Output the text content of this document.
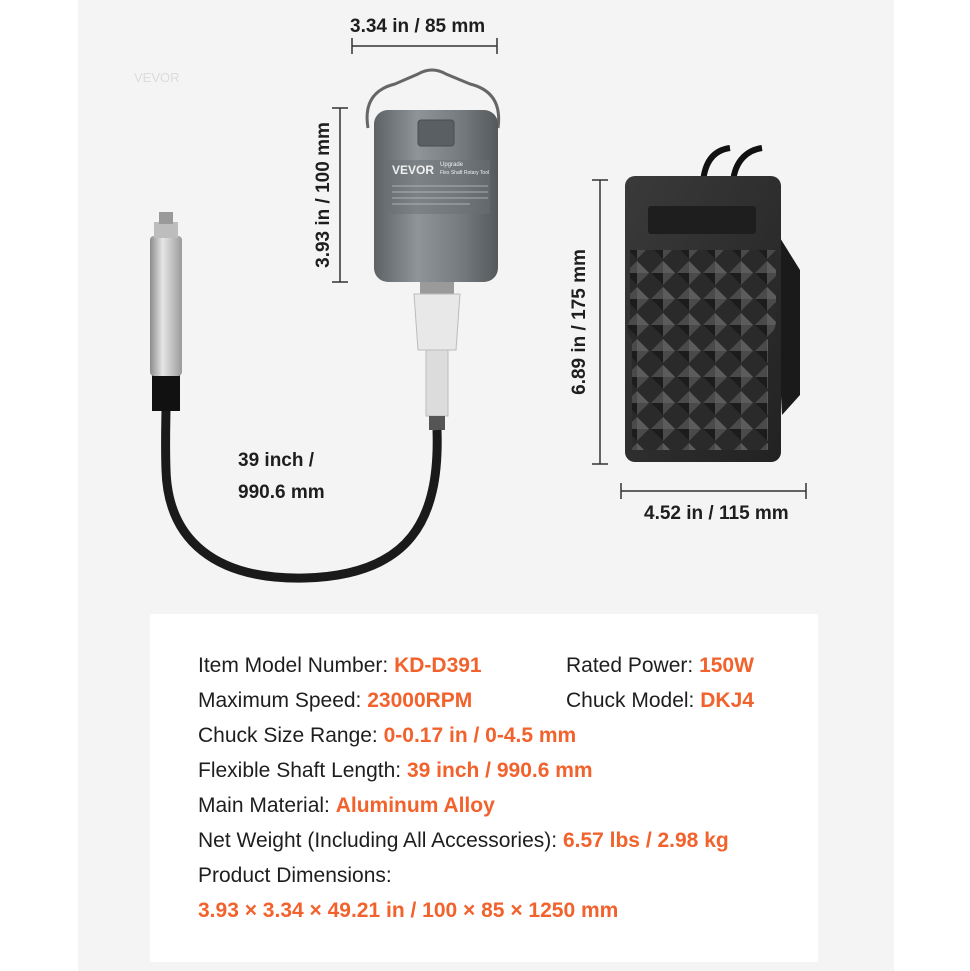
VEVOR
VEVOR Upgrade
Flex Shaft Rotary Tool
3.34 in / 85 mm
3.93 in / 100 mm
39 inch /
990.6 mm
6.89 in / 175 mm
4.52 in / 115 mm
Item Model Number: KD-D391	Rated Power: 150W
Maximum Speed: 23000RPM	Chuck Model: DKJ4
Chuck Size Range: 0-0.17 in / 0-4.5 mm
Flexible Shaft Length: 39 inch / 990.6 mm
Main Material: Aluminum Alloy
Net Weight (Including All Accessories): 6.57 lbs / 2.98 kg
Product Dimensions:
3.93 × 3.34 × 49.21 in / 100 × 85 × 1250 mm
